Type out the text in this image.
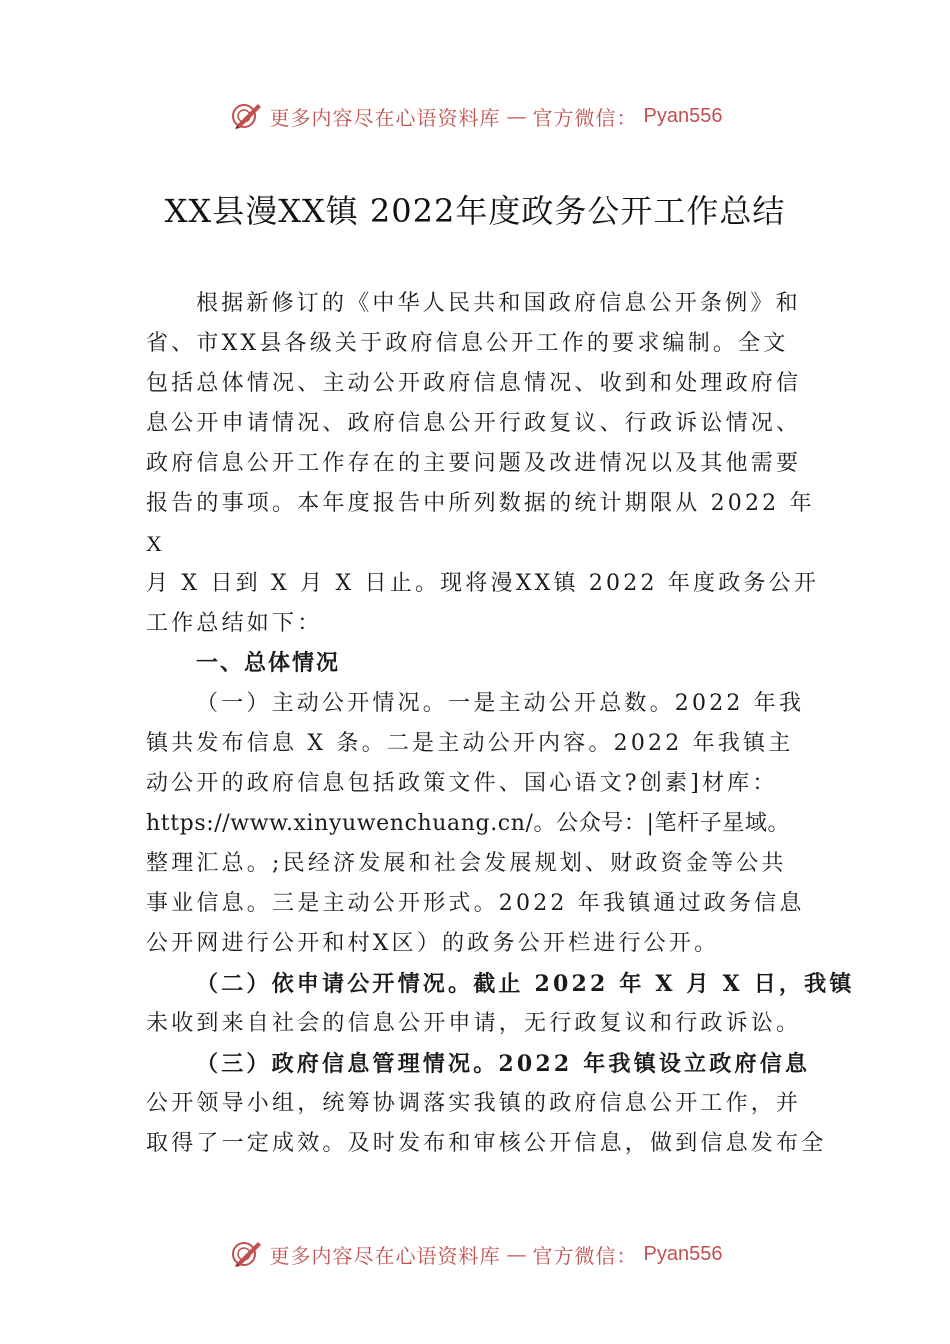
更多内容尽在心语资料库 — 官方微信： Pyan556
XX县漫XX镇 2022年度政务公开工作总结

根据新修订的《中华人民共和国政府信息公开条例》和

省、市XX县各级关于政府信息公开工作的要求编制。全文

包括总体情况、主动公开政府信息情况、收到和处理政府信

息公开申请情况、政府信息公开行政复议、行政诉讼情况、

政府信息公开工作存在的主要问题及改进情况以及其他需要

报告的事项。本年度报告中所列数据的统计期限从 2022 年

X

月 X 日到 X 月 X 日止。现将漫XX镇 2022 年度政务公开

工作总结如下：

一、总体情况

（一）主动公开情况。一是主动公开总数。2022 年我

镇共发布信息 X 条。二是主动公开内容。2022 年我镇主

动公开的政府信息包括政策文件、国心语文?创素]材库：

https://www.xinyuwenchuang.cn/。公众号：|笔杆子星域。

整理汇总。;民经济发展和社会发展规划、财政资金等公共

事业信息。三是主动公开形式。2022 年我镇通过政务信息

公开网进行公开和村X区）的政务公开栏进行公开。

（二）依申请公开情况。截止 2022 年 X 月 X 日，我镇

未收到来自社会的信息公开申请，无行政复议和行政诉讼。

（三）政府信息管理情况。2022 年我镇设立政府信息

公开领导小组，统筹协调落实我镇的政府信息公开工作，并

取得了一定成效。及时发布和审核公开信息，做到信息发布全

更多内容尽在心语资料库 — 官方微信： Pyan556
